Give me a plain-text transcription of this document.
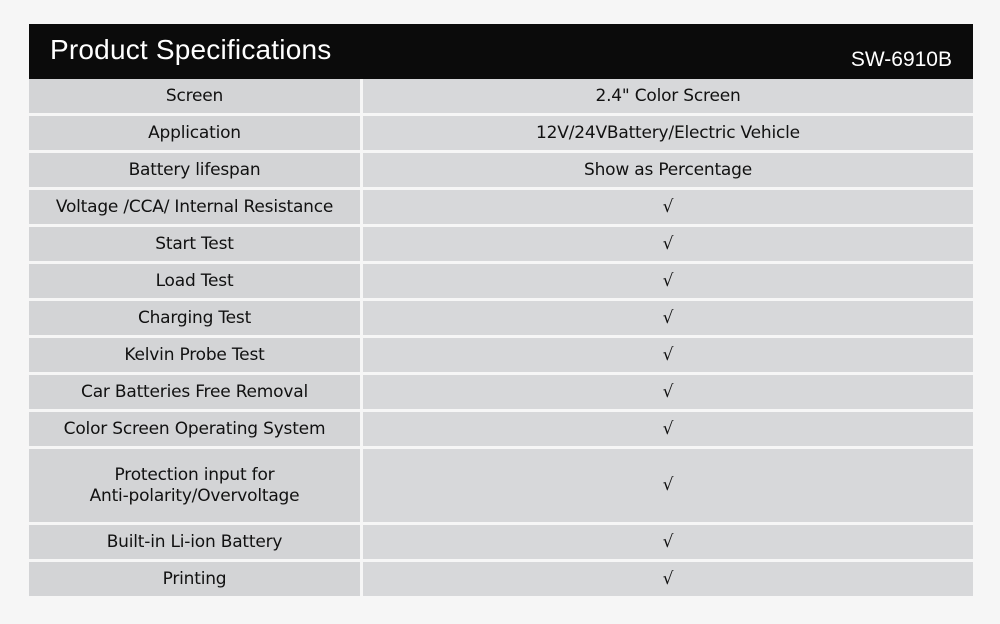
Product Specifications	SW-6910B
Screen	2.4" Color Screen
Application	12V/24VBattery/Electric Vehicle
Battery lifespan	Show as Percentage
Voltage /CCA/ Internal Resistance	√
Start Test	√
Load Test	√
Charging Test	√
Kelvin Probe Test	√
Car Batteries Free Removal	√
Color Screen Operating System	√

Protection input for
Anti-polarity/Overvoltage	√
Built-in Li-ion Battery	√
Printing	√
